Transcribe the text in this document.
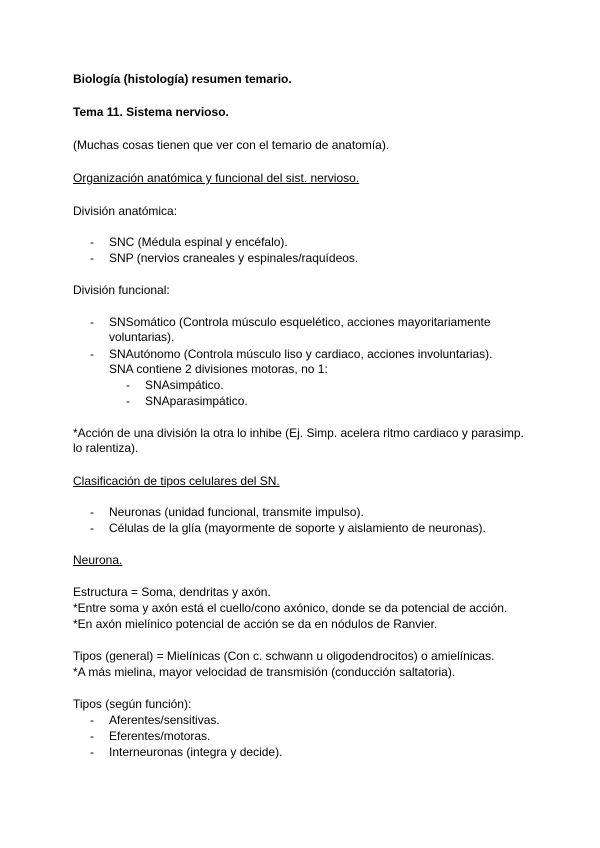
Biología (histología) resumen temario.
Tema 11. Sistema nervioso.
(Muchas cosas tienen que ver con el temario de anatomía).
Organización anatómica y funcional del sist. nervioso.
División anatómica:
- SNC (Médula espinal y encéfalo).
- SNP (nervios craneales y espinales/raquídeos.
División funcional:
- SNSomático (Controla músculo esquelético, acciones mayoritariamente
voluntarias).
- SNAutónomo (Controla músculo liso y cardiaco, acciones involuntarias).
SNA contiene 2 divisiones motoras, no 1:
- SNAsimpático.
- SNAparasimpático.
*Acción de una división la otra lo inhibe (Ej. Simp. acelera ritmo cardiaco y parasimp.
lo ralentiza).
Clasificación de tipos celulares del SN.
- Neuronas (unidad funcional, transmite impulso).
- Células de la glía (mayormente de soporte y aislamiento de neuronas).
Neurona.
Estructura = Soma, dendritas y axón.
*Entre soma y axón está el cuello/cono axónico, donde se da potencial de acción.
*En axón mielínico potencial de acción se da en nódulos de Ranvier.
Tipos (general) = Mielínicas (Con c. schwann u oligodendrocitos) o amielínicas.
*A más mielina, mayor velocidad de transmisión (conducción saltatoria).
Tipos (según función):
- Aferentes/sensitivas.
- Eferentes/motoras.
- Interneuronas (integra y decide).
